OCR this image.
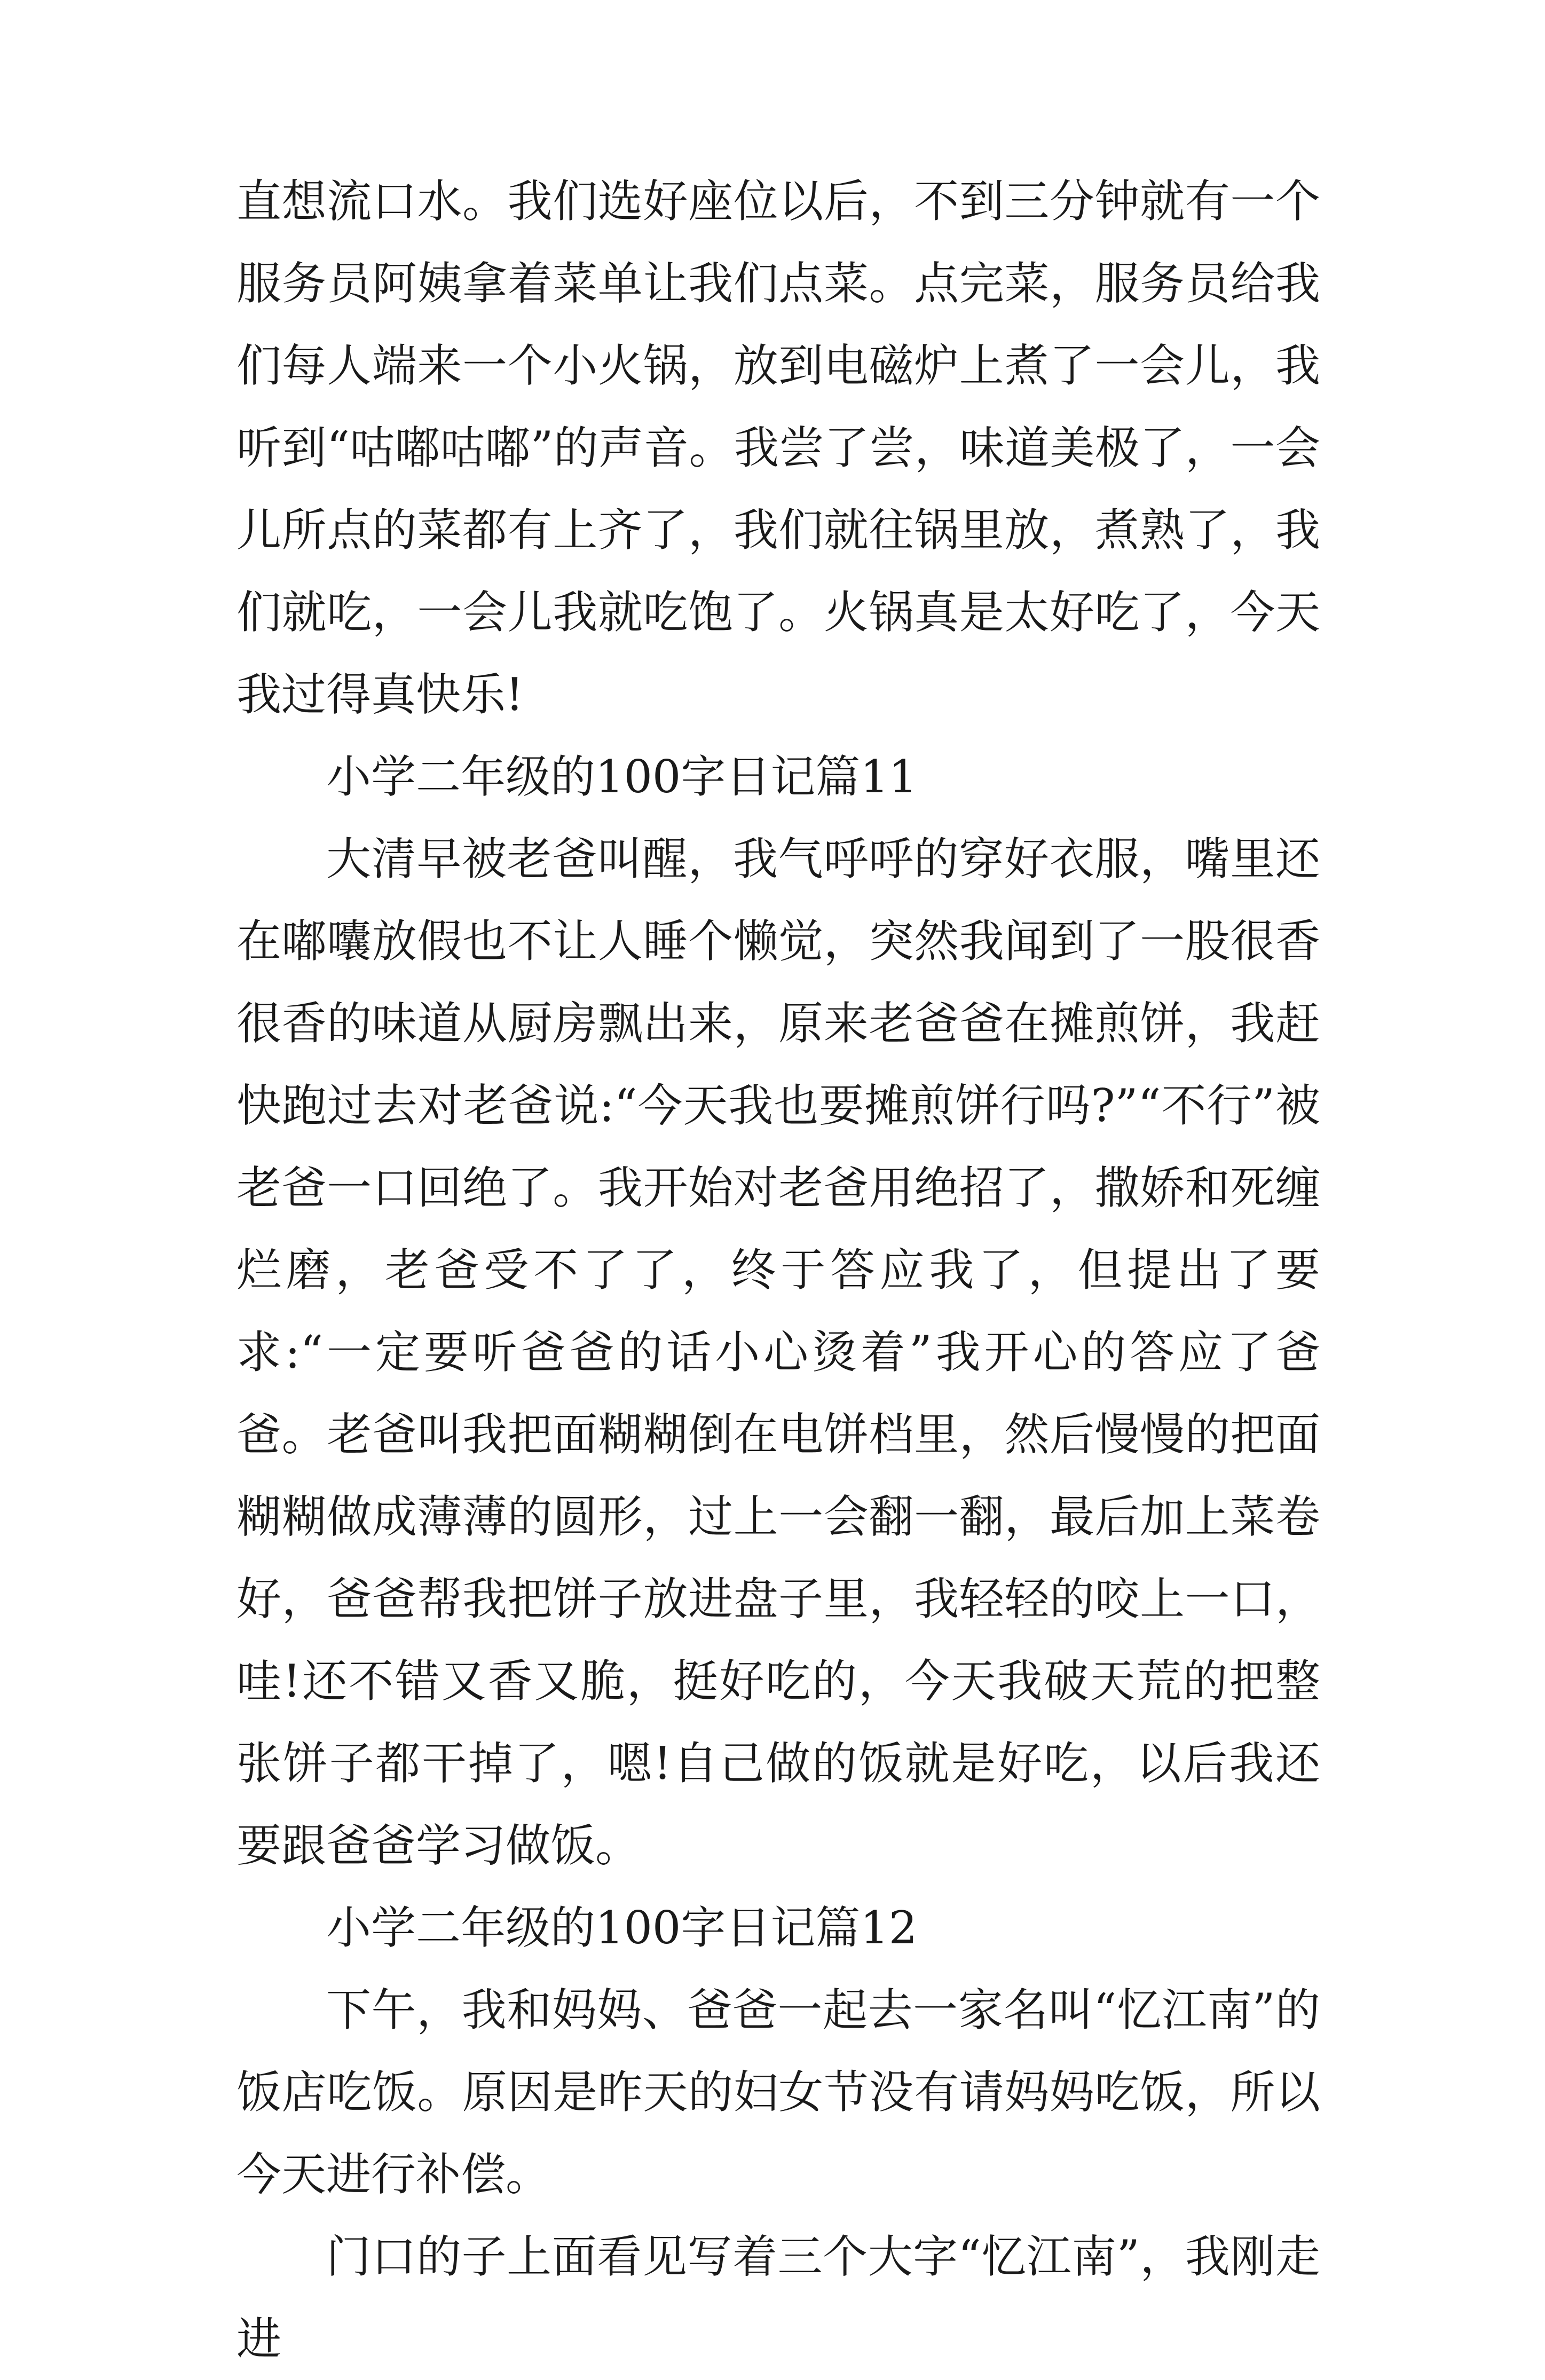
直想流口水。我们选好座位以后，不到三分钟就有一个服务员阿姨拿着菜单让我们点菜。点完菜，服务员给我们每人端来一个小火锅，放到电磁炉上煮了一会儿，我听到“咕嘟咕嘟”的声音。我尝了尝，味道美极了，一会儿所点的菜都有上齐了，我们就往锅里放，煮熟了，我们就吃，一会儿我就吃饱了。火锅真是太好吃了，今天我过得真快乐!

小学二年级的100字日记篇11

大清早被老爸叫醒，我气呼呼的穿好衣服，嘴里还在嘟囔放假也不让人睡个懒觉，突然我闻到了一股很香很香的味道从厨房飘出来，原来老爸爸在摊煎饼，我赶快跑过去对老爸说:“今天我也要摊煎饼行吗?”“不行”被老爸一口回绝了。我开始对老爸用绝招了，撒娇和死缠烂磨，老爸受不了了，终于答应我了，但提出了要求:“一定要听爸爸的话小心烫着”我开心的答应了爸爸。老爸叫我把面糊糊倒在电饼档里，然后慢慢的把面糊糊做成薄薄的圆形，过上一会翻一翻，最后加上菜卷好，爸爸帮我把饼子放进盘子里，我轻轻的咬上一口，哇!还不错又香又脆，挺好吃的，今天我破天荒的把整张饼子都干掉了，嗯!自己做的饭就是好吃，以后我还要跟爸爸学习做饭。

小学二年级的100字日记篇12

下午，我和妈妈、爸爸一起去一家名叫“忆江南”的饭店吃饭。原因是昨天的妇女节没有请妈妈吃饭，所以今天进行补偿。

门口的子上面看见写着三个大字“忆江南”，我刚走进
